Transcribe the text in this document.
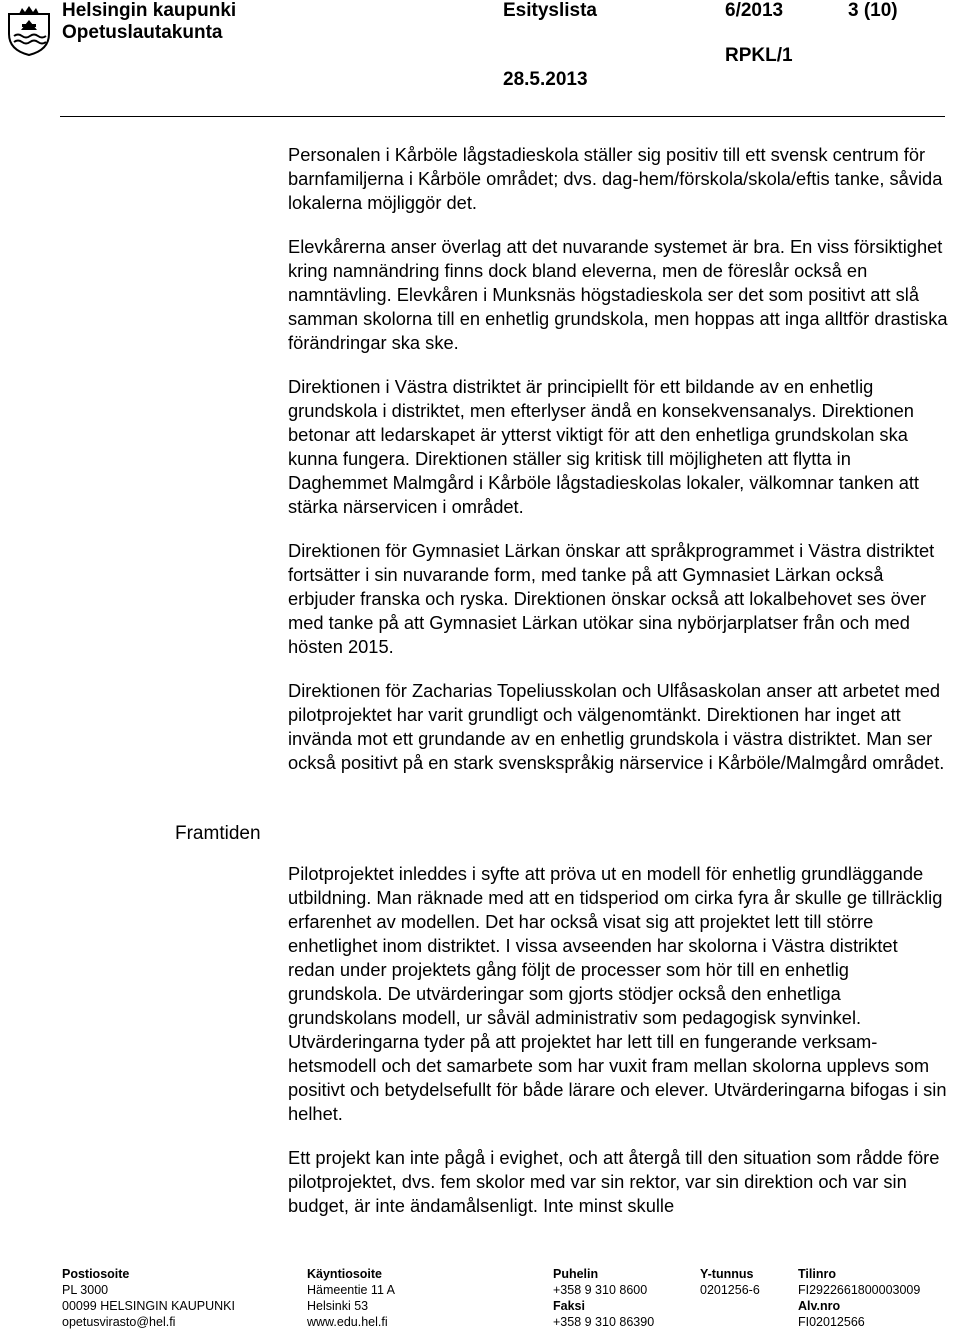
Helsingin kaupunki
Opetuslautakunta
Esityslista	6/2013	3 (10)
RPKL/1
28.5.2013
Framtiden

Personalen i Kårböle lågstadieskola ställer sig positiv till ett svensk centrum för barnfamiljerna i Kårböle området; dvs. dag-hem/förskola/skola/eftis tanke, såvida lokalerna möjliggör det.

Elevkårerna anser överlag att det nuvarande systemet är bra. En viss försiktighet kring namnändring finns dock bland eleverna, men de föreslår också en namntävling. Elevkåren i Munksnäs högstadieskola ser det som positivt att slå samman skolorna till en enhetlig grundskola, men hoppas att inga alltför drastiska förändringar ska ske.

Direktionen i Västra distriktet är principiellt för ett bildande av en enhetlig grundskola i distriktet, men efterlyser ändå en konsekvensanalys. Direktionen betonar att ledarskapet är ytterst viktigt för att den enhetliga grundskolan ska kunna fungera. Direktionen ställer sig kritisk till möjligheten att flytta in Daghemmet Malmgård i Kårböle lågstadieskolas lokaler, välkomnar tanken att stärka närservicen i området.

Direktionen för Gymnasiet Lärkan önskar att språkprogrammet i Västra distriktet fortsätter i sin nuvarande form, med tanke på att Gymnasiet Lärkan också erbjuder franska och ryska. Direktionen önskar också att lokalbehovet ses över med tanke på att Gymnasiet Lärkan utökar sina nybörjarplatser från och med hösten 2015.

Direktionen för Zacharias Topeliusskolan och Ulfåsaskolan anser att arbetet med pilotprojektet har varit grundligt och välgenomtänkt. Direktionen har inget att invända mot ett grundande av en enhetlig grundskola i västra distriktet. Man ser också positivt på en stark svenskspråkig närservice i Kårböle/Malmgård området.

Pilotprojektet inleddes i syfte att pröva ut en modell för enhetlig grundläggande utbildning. Man räknade med att en tidsperiod om cirka fyra år skulle ge tillräcklig erfarenhet av modellen. Det har också visat sig att projektet lett till större enhetlighet inom distriktet. I vissa avseenden har skolorna i Västra distriktet redan under projektets gång följt de processer som hör till en enhetlig grundskola. De utvärderingar som gjorts stödjer också den enhetliga grundskolans modell, ur såväl administrativ som pedagogisk synvinkel. Utvärderingarna tyder på att projektet har lett till en fungerande verksam-hetsmodell och det samarbete som har vuxit fram mellan skolorna upplevs som positivt och betydelsefullt för både lärare och elever. Utvärderingarna bifogas i sin helhet.

Ett projekt kan inte pågå i evighet, och att återgå till den situation som rådde före pilotprojektet, dvs. fem skolor med var sin rektor, var sin direktion och var sin budget, är inte ändamålsenligt. Inte minst skulle

Postiosoite
PL 3000
00099 HELSINGIN KAUPUNKI
opetusvirasto@hel.fi
Käyntiosoite
Hämeentie 11 A
Helsinki 53
www.edu.hel.fi
Puhelin
+358 9 310 8600
Faksi
+358 9 310 86390
Y-tunnus
0201256-6
Tilinro
FI2922661800003009
Alv.nro
FI02012566
